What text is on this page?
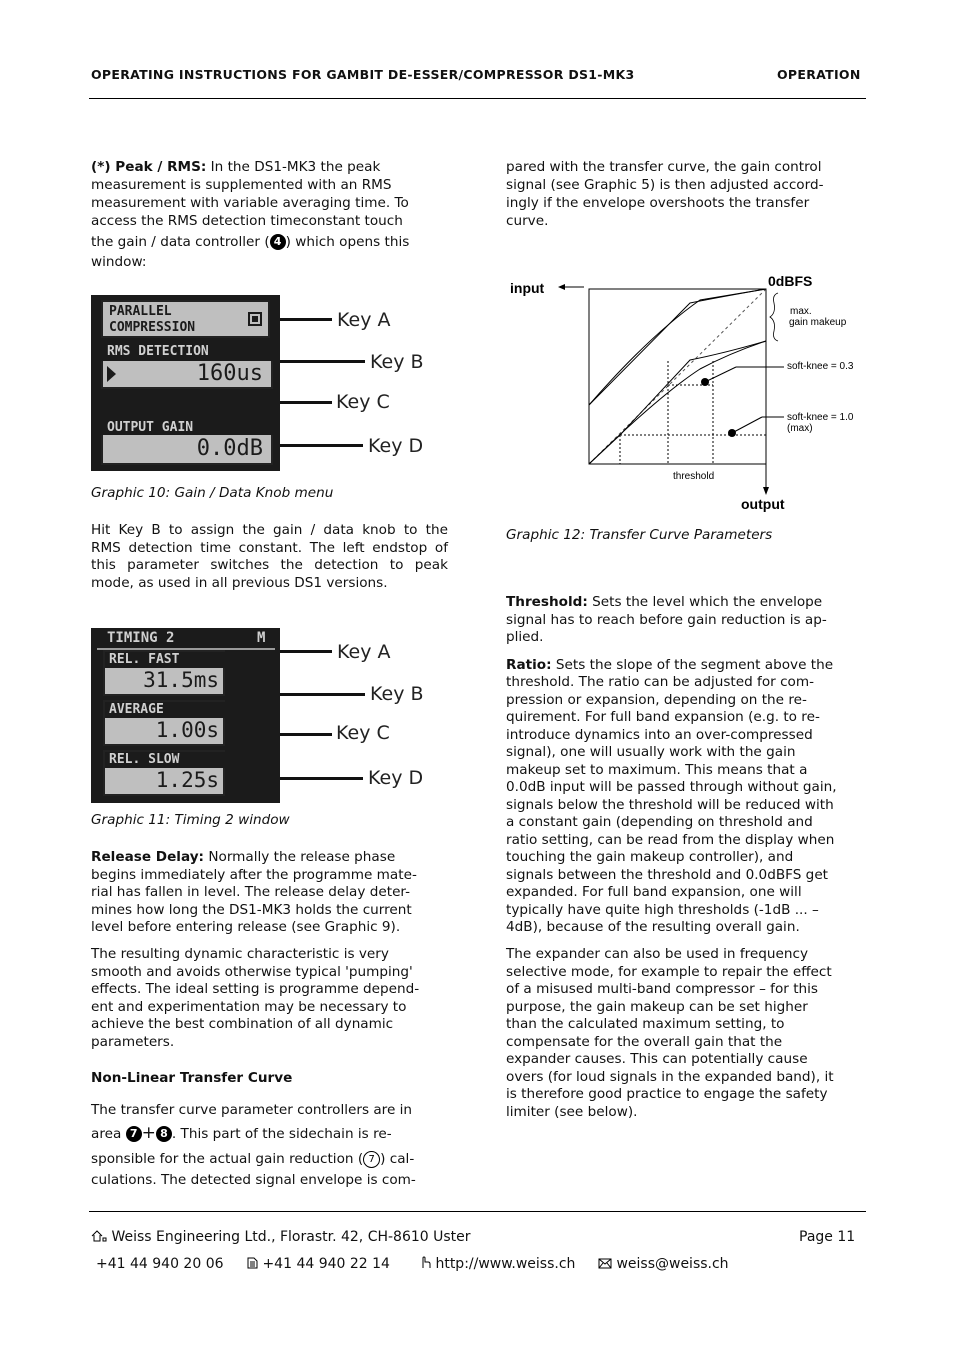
OPERATING INSTRUCTIONS FOR GAMBIT DE-ESSER/COMPRESSOR DS1-MK3	OPERATION
(*) Peak / RMS: In the DS1-MK3 the peak
measurement is supplemented with an RMS
measurement with variable averaging time. To
access the RMS detection timeconstant touch
the gain / data controller ( 4 ) which opens this
window:
PARALLEL
COMPRESSION
RMS DETECTION
160us
OUTPUT GAIN
0.0dB
Key A
Key B
Key C
Key D
Graphic 10: Gain / Data Knob menu
Hit Key B to assign the gain / data knob to the
RMS detection time constant. The left endstop of
this parameter switches the detection to peak
mode, as used in all previous DS1 versions.
TIMING 2	M
REL. FAST
31.5ms
AVERAGE
1.00s
REL. SLOW
1.25s
Key A
Key B
Key C
Key D
Graphic 11: Timing 2 window
Release Delay: Normally the release phase
begins immediately after the programme mate-
rial has fallen in level. The release delay deter-
mines how long the DS1-MK3 holds the current
level before entering release (see Graphic 9).
The resulting dynamic characteristic is very
smooth and avoids otherwise typical 'pumping'
effects. The ideal setting is programme depend-
ent and experimentation may be necessary to
achieve the best combination of all dynamic
parameters.
Non-Linear Transfer Curve
The transfer curve parameter controllers are in
area 7 + 8 . This part of the sidechain is re-
sponsible for the actual gain reduction ( 7 ) cal-
culations. The detected signal envelope is com-
pared with the transfer curve, the gain control
signal (see Graphic 5) is then adjusted accord-
ingly if the envelope overshoots the transfer
curve.
input	0dBFS
max.
gain makeup
soft-knee = 0.3
soft-knee = 1.0
(max)
threshold
output
Graphic 12: Transfer Curve Parameters
Threshold: Sets the level which the envelope
signal has to reach before gain reduction is ap-
plied.
Ratio: Sets the slope of the segment above the
threshold. The ratio can be adjusted for com-
pression or expansion, depending on the re-
quirement. For full band expansion (e.g. to re-
introduce dynamics into an over-compressed
signal), one will usually work with the gain
makeup set to maximum. This means that a
0.0dB input will be passed through without gain,
signals below the threshold will be reduced with
a constant gain (depending on threshold and
ratio setting, can be read from the display when
touching the gain makeup controller), and
signals between the threshold and 0.0dBFS get
expanded. For full band expansion, one will
typically have quite high thresholds (-1dB ... –
4dB), because of the resulting overall gain.
The expander can also be used in frequency
selective mode, for example to repair the effect
of a misused multi-band compressor – for this
purpose, the gain makeup can be set higher
than the calculated maximum setting, to
compensate for the overall gain that the
expander causes. This can potentially cause
overs (for loud signals in the expanded band), it
is therefore good practice to engage the safety
limiter (see below).
Weiss Engineering Ltd., Florastr. 42, CH-8610 Uster	Page 11
+41 44 940 20 06	+41 44 940 22 14	http://www.weiss.ch	weiss@weiss.ch
